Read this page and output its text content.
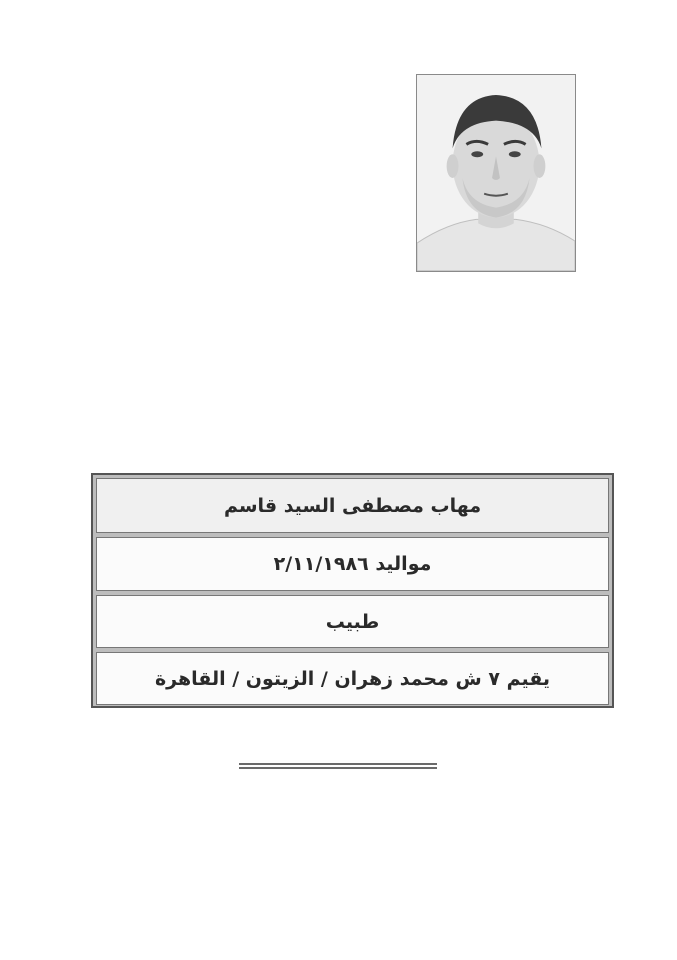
مهاب مصطفى السيد قاسم
مواليد ٢/١١/١٩٨٦
طبيب
يقيم ٧ ش محمد زهران / الزيتون / القاهرة
